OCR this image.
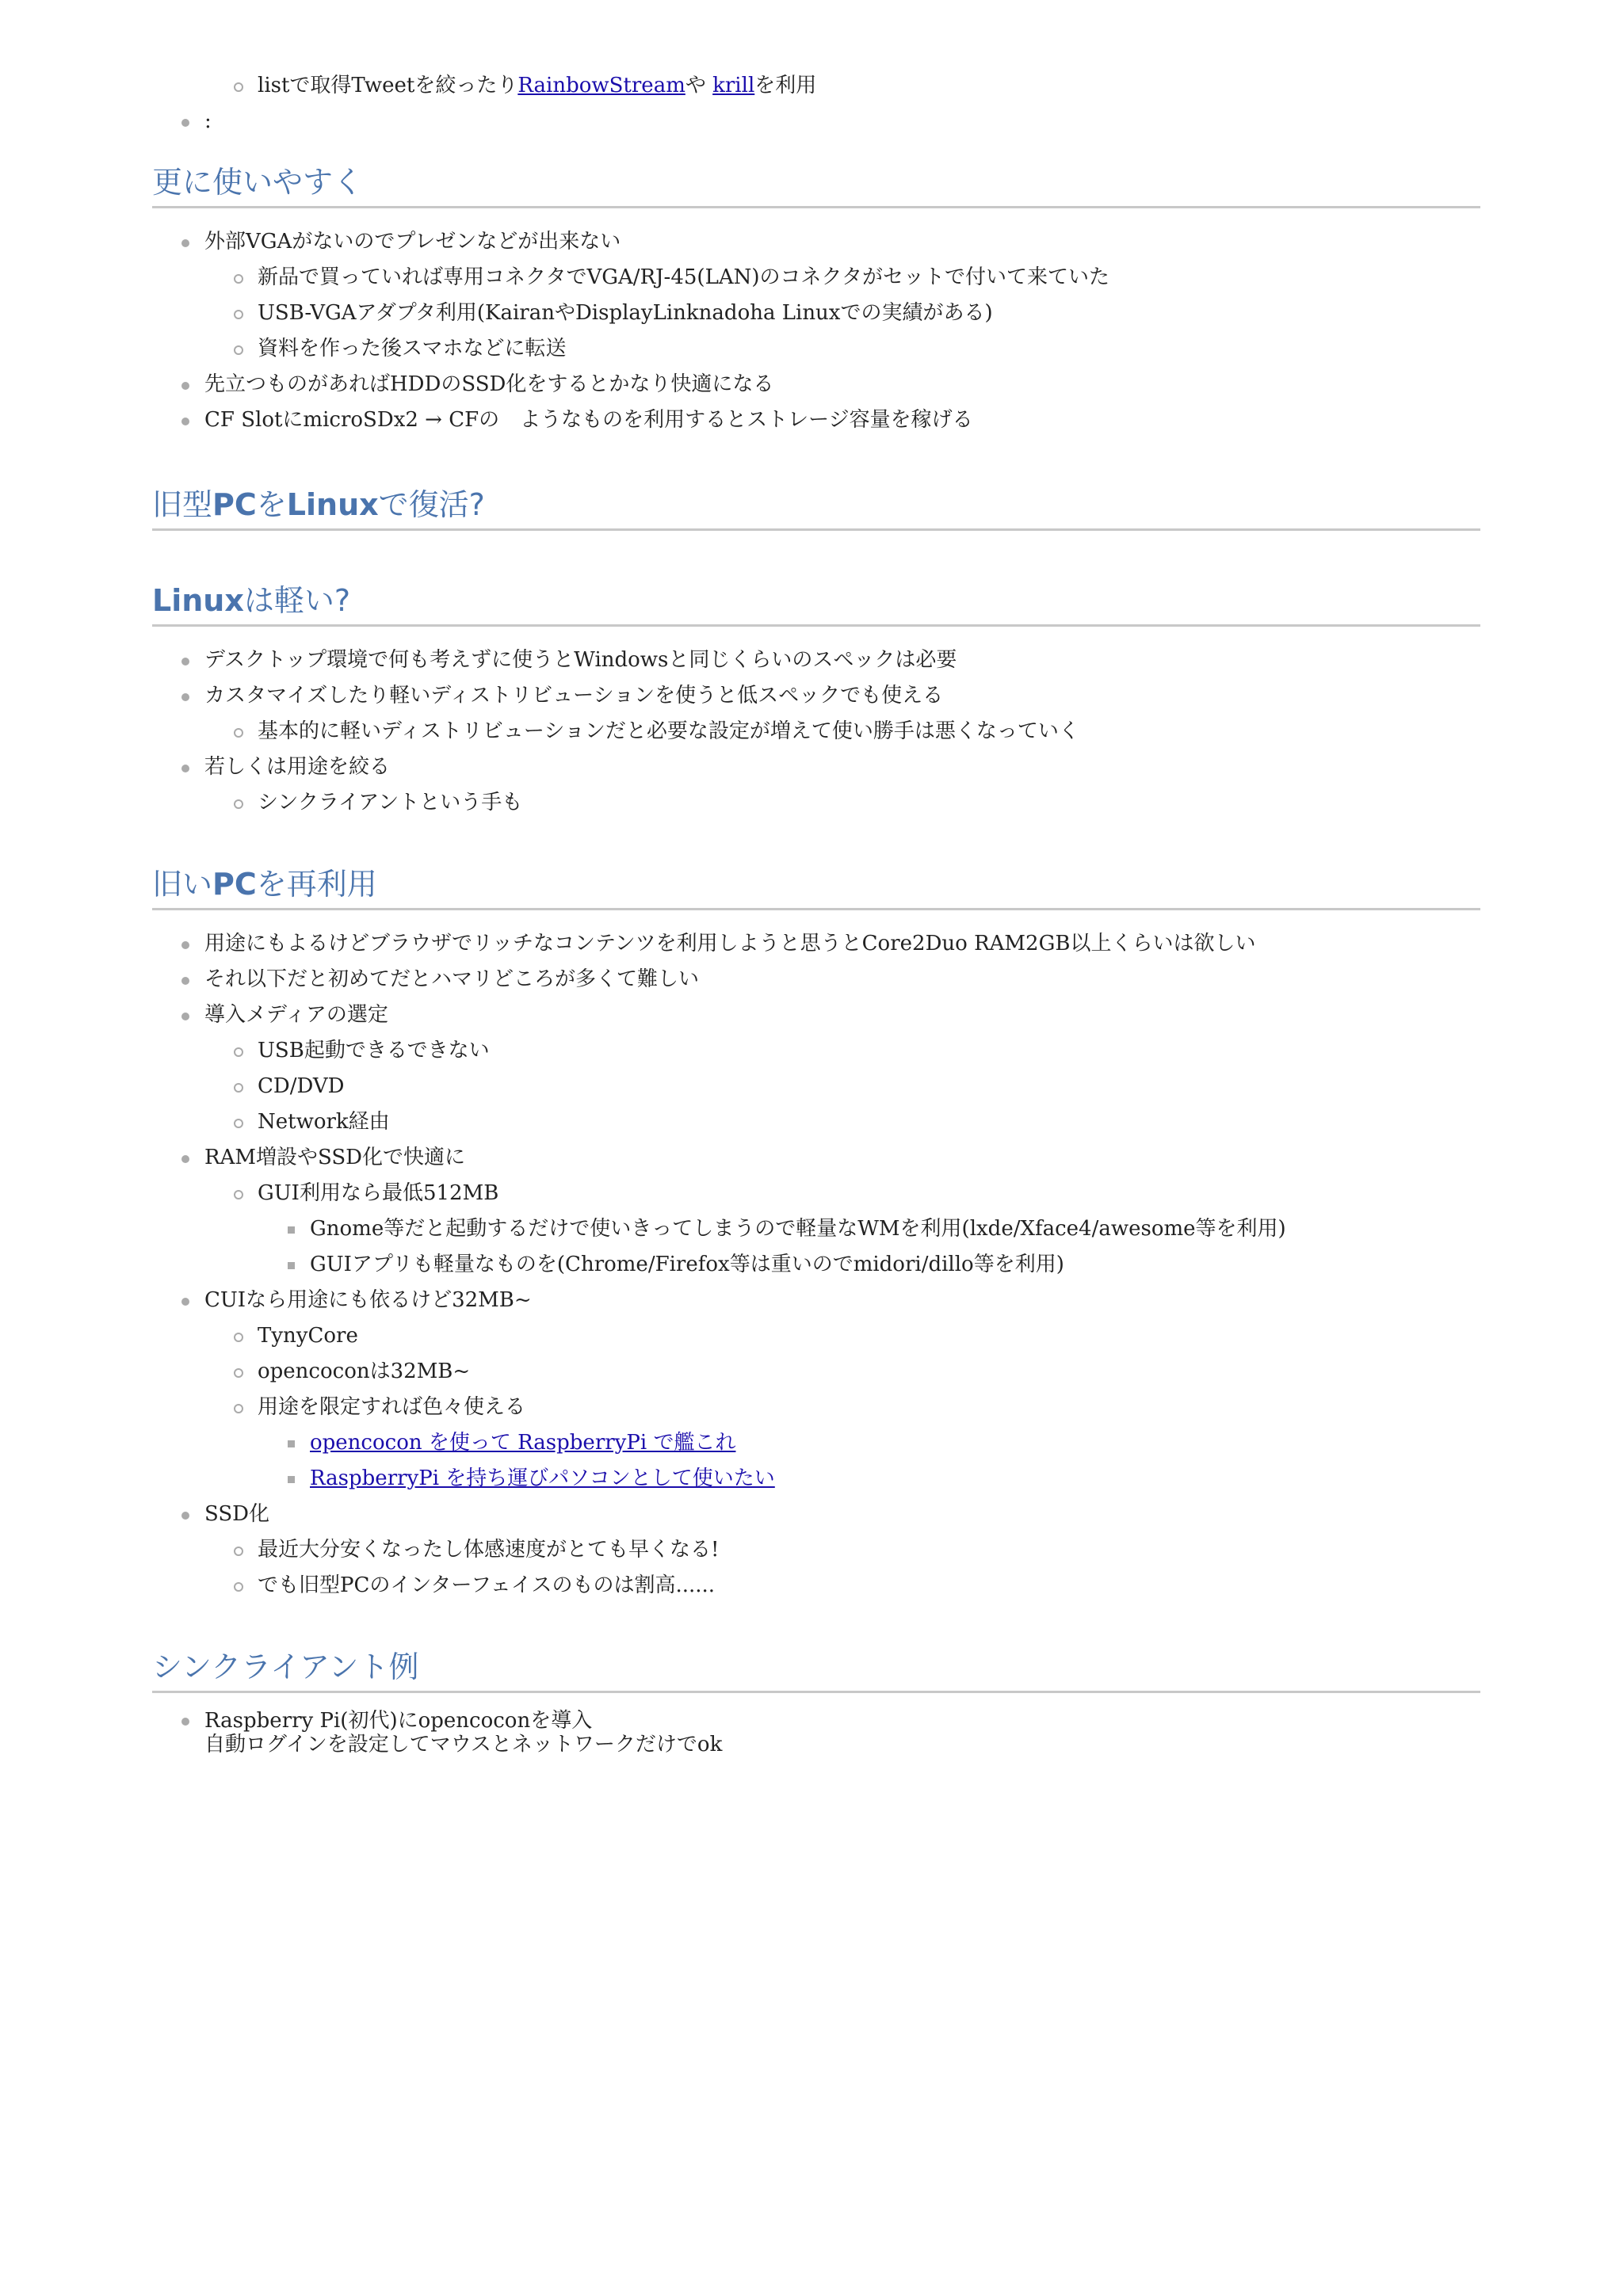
listで取得Tweetを絞ったりRainbowStreamや krillを利用
:
更に使いやすく
外部VGAがないのでプレゼンなどが出来ない
新品で買っていれば専用コネクタでVGA/RJ-45(LAN)のコネクタがセットで付いて来ていた
USB-VGAアダプタ利用(KairanやDisplayLinknadoha Linuxでの実績がある)
資料を作った後スマホなどに転送
先立つものがあればHDDのSSD化をするとかなり快適になる
CF SlotにmicroSDx2 → CFの　ようなものを利用するとストレージ容量を稼げる
旧型PCをLinuxで復活?
Linuxは軽い?
デスクトップ環境で何も考えずに使うとWindowsと同じくらいのスペックは必要
カスタマイズしたり軽いディストリビューションを使うと低スペックでも使える
基本的に軽いディストリビューションだと必要な設定が増えて使い勝手は悪くなっていく
若しくは用途を絞る
シンクライアントという手も
旧いPCを再利用
用途にもよるけどブラウザでリッチなコンテンツを利用しようと思うとCore2Duo RAM2GB以上くらいは欲しい
それ以下だと初めてだとハマリどころが多くて難しい
導入メディアの選定
USB起動できるできない
CD/DVD
Network経由
RAM増設やSSD化で快適に
GUI利用なら最低512MB
Gnome等だと起動するだけで使いきってしまうので軽量なWMを利用(lxde/Xface4/awesome等を利用)
GUIアプリも軽量なものを(Chrome/Firefox等は重いのでmidori/dillo等を利用)
CUIなら用途にも依るけど32MB~
TynyCore
opencoconは32MB~
用途を限定すれば色々使える
opencocon を使って RaspberryPi で艦これ
RaspberryPi を持ち運びパソコンとして使いたい
SSD化
最近大分安くなったし体感速度がとても早くなる!
でも旧型PCのインターフェイスのものは割高......
シンクライアント例
Raspberry Pi(初代)にopencoconを導入
自動ログインを設定してマウスとネットワークだけでok
